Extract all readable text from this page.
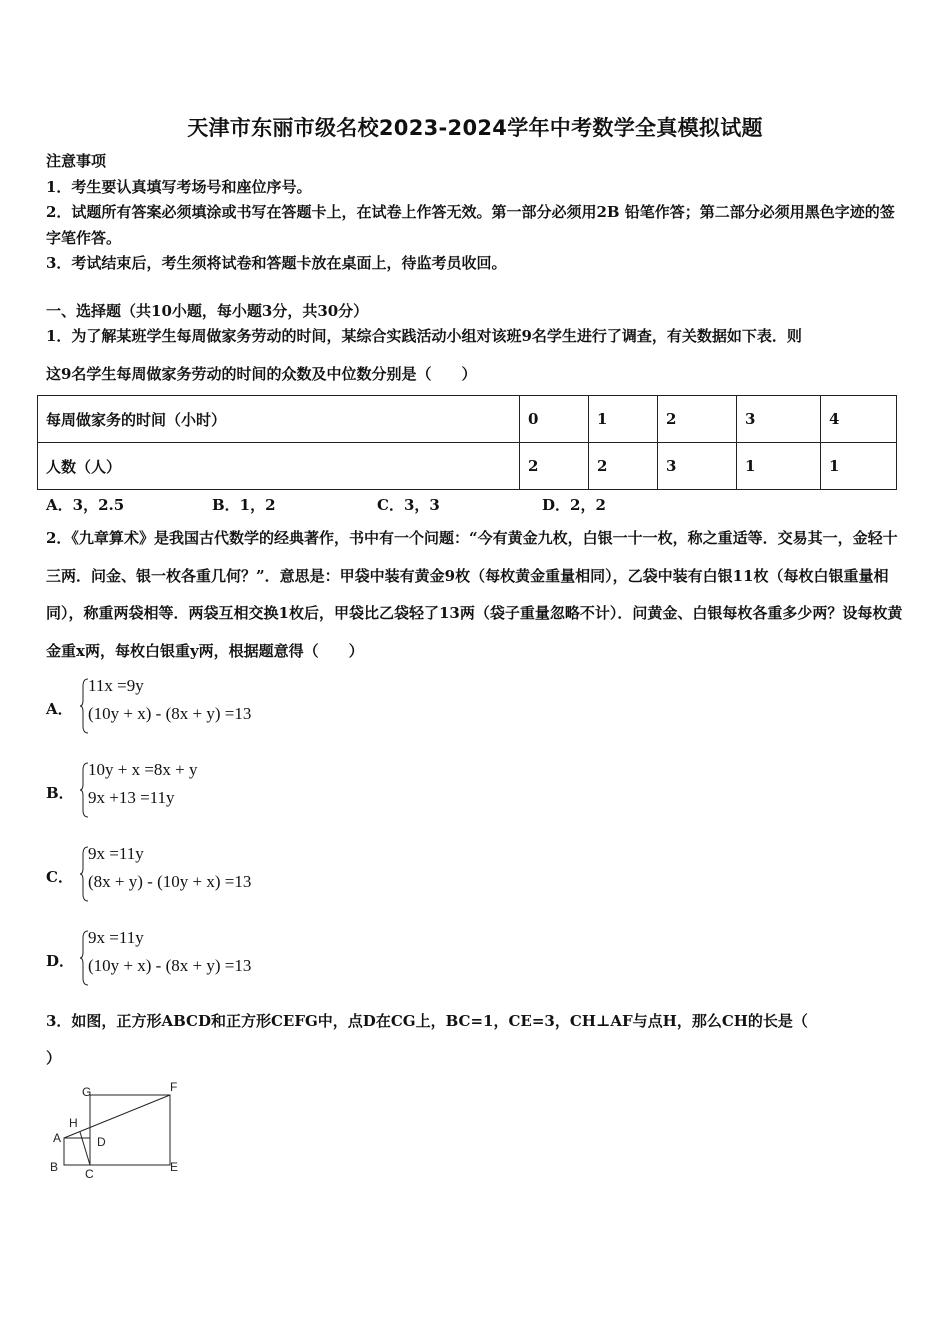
天津市东丽市级名校2023-2024学年中考数学全真模拟试题
注意事项
1．考生要认真填写考场号和座位序号。
2．试题所有答案必须填涂或书写在答题卡上，在试卷上作答无效。第一部分必须用2B 铅笔作答；第二部分必须用黑色字迹的签字笔作答。
3．考试结束后，考生须将试卷和答题卡放在桌面上，待监考员收回。
一、选择题（共10小题，每小题3分，共30分）
1．为了解某班学生每周做家务劳动的时间，某综合实践活动小组对该班9名学生进行了调查，有关数据如下表．则
这9名学生每周做家务劳动的时间的众数及中位数分别是（　　）
每周做家务的时间（小时）	0	1	2	3	4
人数（人）	2	2	3	1	1
A．3，2.5	B．1，2	C．3，3	D．2，2
2．《九章算术》是我国古代数学的经典著作，书中有一个问题：“今有黄金九枚，白银一十一枚，称之重适等．交易其一，金轻十三两．问金、银一枚各重几何？”．意思是：甲袋中装有黄金9枚（每枚黄金重量相同），乙袋中装有白银11枚（每枚白银重量相同），称重两袋相等．两袋互相交换1枚后，甲袋比乙袋轻了13两（袋子重量忽略不计）．问黄金、白银每枚各重多少两？设每枚黄金重x两，每枚白银重y两，根据题意得（　　）
A．
11x =9y
(10y + x) - (8x + y) =13
B．
10y + x =8x + y
9x +13 =11y
C．
9x =11y
(8x + y) - (10y + x) =13
D．
9x =11y
(10y + x) - (8x + y) =13
3．如图，正方形ABCD和正方形CEFG中，点D在CG上，BC=1，CE=3，CH⊥AF与点H，那么CH的长是（
）
G	F
H
A	D
B C	E
